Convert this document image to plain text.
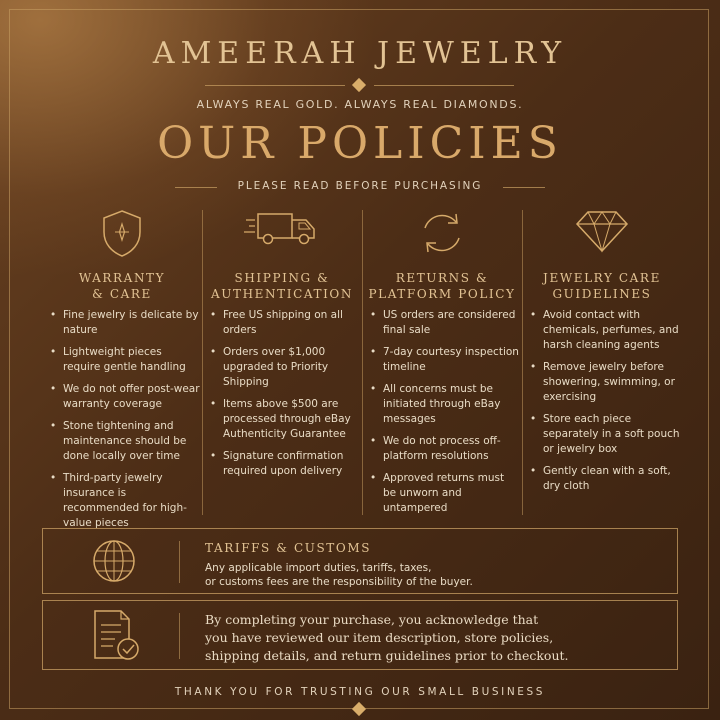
AMEERAH JEWELRY
ALWAYS REAL GOLD. ALWAYS REAL DIAMONDS.
OUR POLICIES
PLEASE READ BEFORE PURCHASING
WARRANTY
& CARE
• Fine jewelry is delicate by nature
• Lightweight pieces require gentle handling
• We do not offer post-wear warranty coverage
• Stone tightening and maintenance should be done locally over time
• Third-party jewelry insurance is recommended for high-value pieces
SHIPPING &
AUTHENTICATION
• Free US shipping on all orders
• Orders over $1,000 upgraded to Priority Shipping
• Items above $500 are processed through eBay Authenticity Guarantee
• Signature confirmation required upon delivery
RETURNS &
PLATFORM POLICY
• US orders are considered final sale
• 7-day courtesy inspection timeline
• All concerns must be initiated through eBay messages
• We do not process off-platform resolutions
• Approved returns must be unworn and untampered
JEWELRY CARE
GUIDELINES
• Avoid contact with chemicals, perfumes, and harsh cleaning agents
• Remove jewelry before showering, swimming, or exercising
• Store each piece separately in a soft pouch or jewelry box
• Gently clean with a soft, dry cloth
TARIFFS & CUSTOMS
Any applicable import duties, tariffs, taxes,
or customs fees are the responsibility of the buyer.
By completing your purchase, you acknowledge that
you have reviewed our item description, store policies,
shipping details, and return guidelines prior to checkout.
THANK YOU FOR TRUSTING OUR SMALL BUSINESS
